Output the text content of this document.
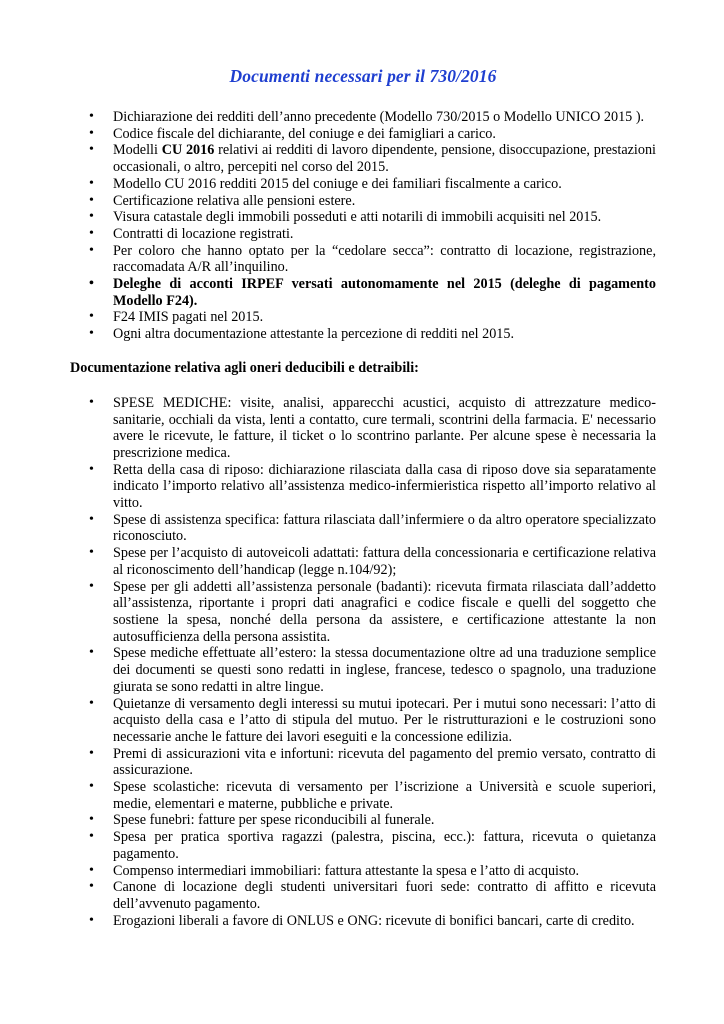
Documenti necessari per il 730/2016
• Dichiarazione dei redditi dell’anno precedente (Modello 730/2015 o Modello UNICO 2015 ).
• Codice fiscale del dichiarante, del coniuge e dei famigliari a carico.
• Modelli CU 2016 relativi ai redditi di lavoro dipendente, pensione, disoccupazione, prestazioni occasionali, o altro, percepiti nel corso del 2015.
• Modello CU 2016 redditi 2015 del coniuge e dei familiari fiscalmente a carico.
• Certificazione relativa alle pensioni estere.
• Visura catastale degli immobili posseduti e atti notarili di immobili acquisiti nel 2015.
• Contratti di locazione registrati.
• Per coloro che hanno optato per la “cedolare secca”: contratto di locazione, registrazione, raccomadata A/R all’inquilino.
• Deleghe di acconti IRPEF versati autonomamente nel 2015 (deleghe di pagamento Modello F24).
• F24 IMIS pagati nel 2015.
• Ogni altra documentazione attestante la percezione di redditi nel 2015.
Documentazione relativa agli oneri deducibili e detraibili:
• SPESE MEDICHE: visite, analisi, apparecchi acustici, acquisto di attrezzature medico-sanitarie, occhiali da vista, lenti a contatto, cure termali, scontrini della farmacia. E' necessario avere le ricevute, le fatture, il ticket o lo scontrino parlante. Per alcune spese è necessaria la prescrizione medica.
• Retta della casa di riposo: dichiarazione rilasciata dalla casa di riposo dove sia separatamente indicato l’importo relativo all’assistenza medico-infermieristica rispetto all’importo relativo al vitto.
• Spese di assistenza specifica: fattura rilasciata dall’infermiere o da altro operatore specializzato riconosciuto.
• Spese per l’acquisto di autoveicoli adattati: fattura della concessionaria e certificazione relativa al riconoscimento dell’handicap (legge n.104/92);
• Spese per gli addetti all’assistenza personale (badanti): ricevuta firmata rilasciata dall’addetto all’assistenza, riportante i propri dati anagrafici e codice fiscale e quelli del soggetto che sostiene la spesa, nonché della persona da assistere, e certificazione attestante la non autosufficienza della persona assistita.
• Spese mediche effettuate all’estero: la stessa documentazione oltre ad una traduzione semplice dei documenti se questi sono redatti in inglese, francese, tedesco o spagnolo, una traduzione giurata se sono redatti in altre lingue.
• Quietanze di versamento degli interessi su mutui ipotecari. Per i mutui sono necessari: l’atto di acquisto della casa e l’atto di stipula del mutuo. Per le ristrutturazioni e le costruzioni sono necessarie anche le fatture dei lavori eseguiti e la concessione edilizia.
• Premi di assicurazioni vita e infortuni: ricevuta del pagamento del premio versato, contratto di assicurazione.
• Spese scolastiche: ricevuta di versamento per l’iscrizione a Università e scuole superiori, medie, elementari e materne, pubbliche e private.
• Spese funebri: fatture per spese riconducibili al funerale.
• Spesa per pratica sportiva ragazzi (palestra, piscina, ecc.): fattura, ricevuta o quietanza pagamento.
• Compenso intermediari immobiliari: fattura attestante la spesa e l’atto di acquisto.
• Canone di locazione degli studenti universitari fuori sede: contratto di affitto e ricevuta dell’avvenuto pagamento.
• Erogazioni liberali a favore di ONLUS e ONG: ricevute di bonifici bancari, carte di credito.
